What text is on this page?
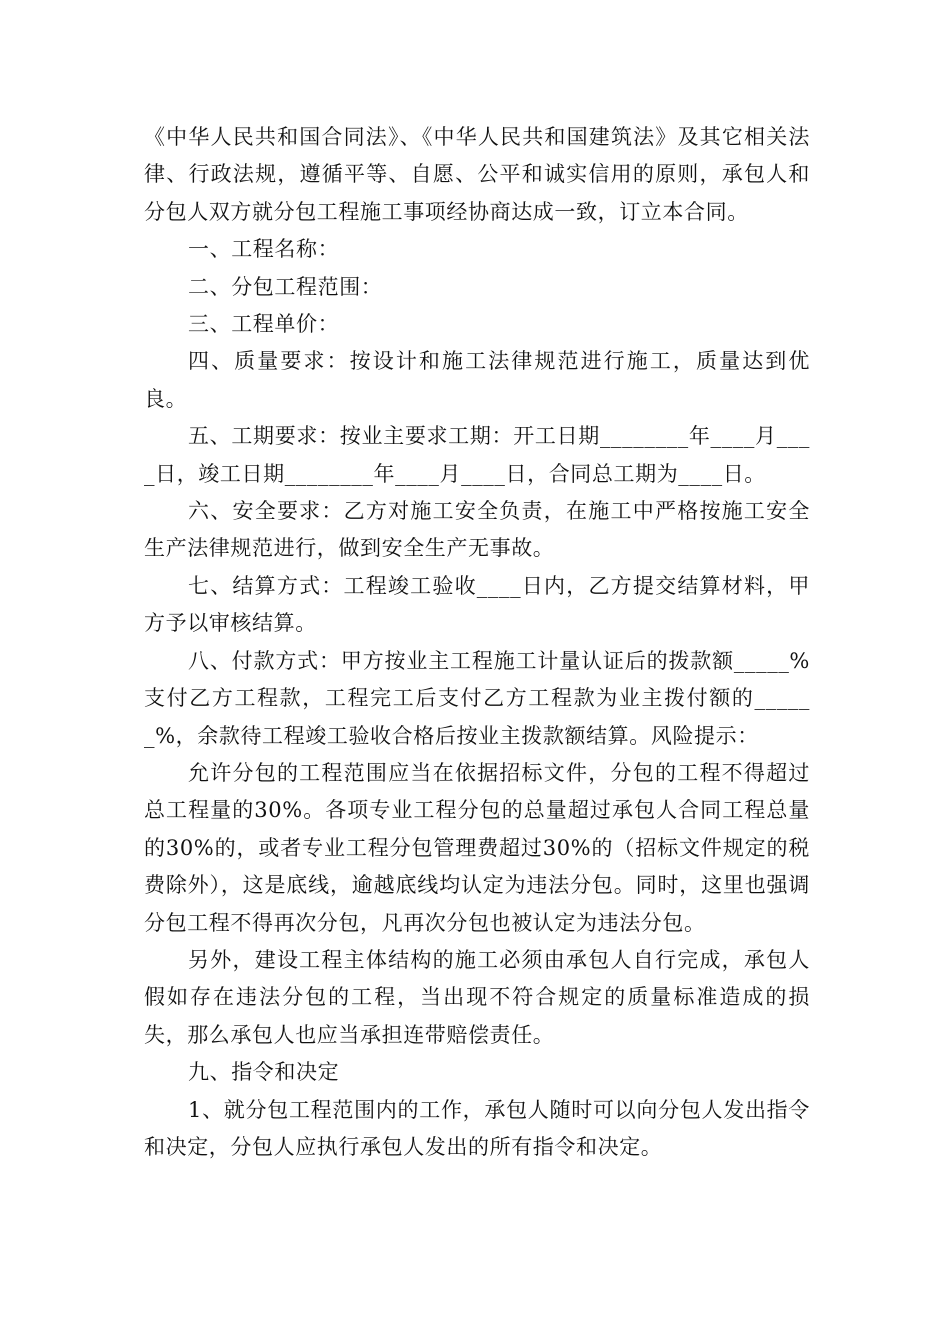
《中华人民共和国合同法》、《中华人民共和国建筑法》及其它相关法律、行政法规，遵循平等、自愿、公平和诚实信用的原则，承包人和分包人双方就分包工程施工事项经协商达成一致，订立本合同。

一、工程名称：

二、分包工程范围：

三、工程单价：

四、质量要求：按设计和施工法律规范进行施工，质量达到优良。

五、工期要求：按业主要求工期：开工日期________年____月____日，竣工日期________年____月____日，合同总工期为____日。

六、安全要求：乙方对施工安全负责，在施工中严格按施工安全生产法律规范进行，做到安全生产无事故。

七、结算方式：工程竣工验收____日内，乙方提交结算材料，甲方予以审核结算。

八、付款方式：甲方按业主工程施工计量认证后的拨款额_____%支付乙方工程款，工程完工后支付乙方工程款为业主拨付额的______%，余款待工程竣工验收合格后按业主拨款额结算。风险提示：

允许分包的工程范围应当在依据招标文件，分包的工程不得超过总工程量的30%。各项专业工程分包的总量超过承包人合同工程总量的30%的，或者专业工程分包管理费超过30%的（招标文件规定的税费除外），这是底线，逾越底线均认定为违法分包。同时，这里也强调分包工程不得再次分包，凡再次分包也被认定为违法分包。

另外，建设工程主体结构的施工必须由承包人自行完成，承包人假如存在违法分包的工程，当出现不符合规定的质量标准造成的损失，那么承包人也应当承担连带赔偿责任。

九、指令和决定

1、就分包工程范围内的工作，承包人随时可以向分包人发出指令和决定，分包人应执行承包人发出的所有指令和决定。
